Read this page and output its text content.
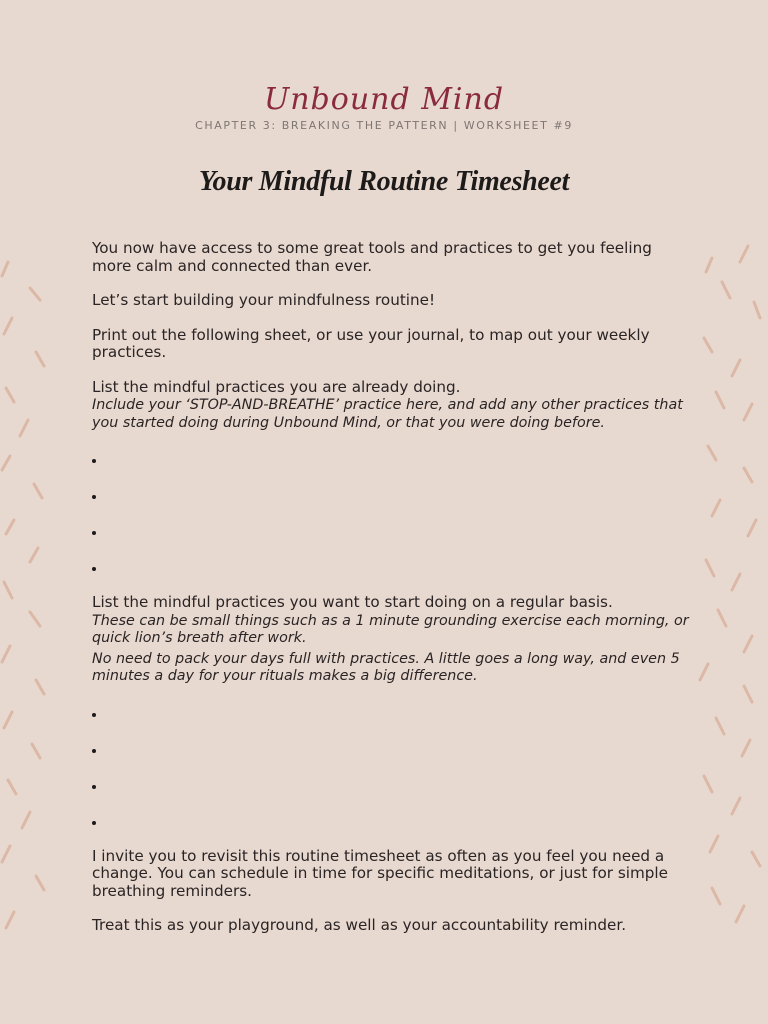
Unbound Mind
CHAPTER 3: BREAKING THE PATTERN | WORKSHEET #9
Your Mindful Routine Timesheet

You now have access to some great tools and practices to get you feeling more calm and connected than ever.

Let’s start building your mindfulness routine!

Print out the following sheet, or use your journal, to map out your weekly practices.

List the mindful practices you are already doing.

Include your ‘STOP-AND-BREATHE’ practice here, and add any other practices that you started doing during Unbound Mind, or that you were doing before.

List the mindful practices you want to start doing on a regular basis.

These can be small things such as a 1 minute grounding exercise each morning, or quick lion’s breath after work.

No need to pack your days full with practices. A little goes a long way, and even 5 minutes a day for your rituals makes a big difference.

I invite you to revisit this routine timesheet as often as you feel you need a change. You can schedule in time for specific meditations, or just for simple breathing reminders.

Treat this as your playground, as well as your accountability reminder.
